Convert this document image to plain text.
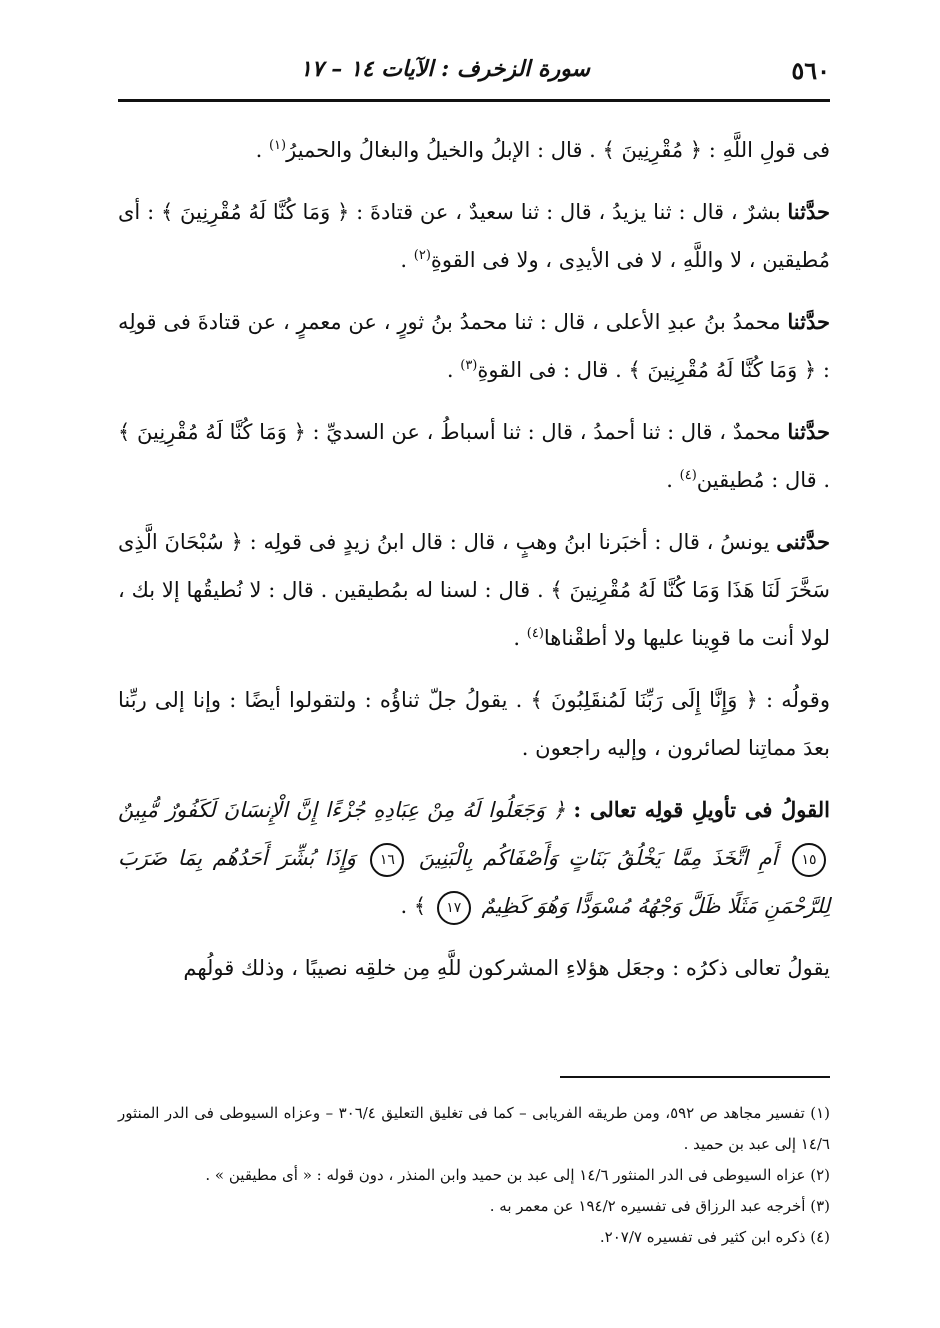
٥٦٠
سورة الزخرف : الآيات ١٤ – ١٧

فى قولِ اللَّهِ : ﴿ مُقْرِنِينَ ﴾ . قال : الإبلُ والخيلُ والبغالُ والحميرُ$^{(١)}$ .

حدَّثنا بشرٌ ، قال : ثنا يزيدُ ، قال : ثنا سعيدٌ ، عن قتادةَ : ﴿ وَمَا كُنَّا لَهُ مُقْرِنِينَ ﴾ : أى مُطيقين ، لا واللَّهِ ، لا فى الأيدِى ، ولا فى القوةِ$^{(٢)}$ .

حدَّثنا محمدُ بنُ عبدِ الأعلى ، قال : ثنا محمدُ بنُ ثورٍ ، عن معمرٍ ، عن قتادةَ فى قولِه : ﴿ وَمَا كُنَّا لَهُ مُقْرِنِينَ ﴾ . قال : فى القوةِ$^{(٣)}$ .

حدَّثنا محمدٌ ، قال : ثنا أحمدُ ، قال : ثنا أسباطُ ، عن السديِّ : ﴿ وَمَا كُنَّا لَهُ مُقْرِنِينَ ﴾ . قال : مُطيقين$^{(٤)}$ .

حدَّثنى يونسُ ، قال : أخبَرنا ابنُ وهبٍ ، قال : قال ابنُ زيدٍ فى قولِه : ﴿ سُبْحَانَ الَّذِى سَخَّرَ لَنَا هَذَا وَمَا كُنَّا لَهُ مُقْرِنِينَ ﴾ . قال : لسنا له بمُطيقين . قال : لا نُطيقُها إلا بك ، لولا أنت ما قوِينا عليها ولا أطقْناها$^{(٤)}$ .

وقولُه : ﴿ وَإِنَّا إِلَى رَبِّنَا لَمُنقَلِبُونَ ﴾ . يقولُ جلّ ثناؤُه : ولتقولوا أيضًا : وإنا إلى ربِّنا بعدَ مماتِنا لصائرون ، وإليه راجعون .

القولُ فى تأويلِ قولِه تعالى : ﴿ وَجَعَلُوا لَهُ مِنْ عِبَادِهِ جُزْءًا إِنَّ الْإِنسَانَ لَكَفُورٌ مُّبِينٌ ١٥ أَمِ اتَّخَذَ مِمَّا يَخْلُقُ بَنَاتٍ وَأَصْفَاكُم بِالْبَنِينَ ١٦ وَإِذَا بُشِّرَ أَحَدُهُم بِمَا ضَرَبَ لِلرَّحْمَنِ مَثَلًا ظَلَّ وَجْهُهُ مُسْوَدًّا وَهُوَ كَظِيمٌ ١٧ ﴾ .

يقولُ تعالى ذكرُه : وجعَل هؤلاءِ المشركون للَّهِ مِن خلقِه نصيبًا ، وذلك قولُهم

(١) تفسير مجاهد ص ٥٩٢، ومن طريقه الفريابى – كما فى تغليق التعليق ٣٠٦/٤ – وعزاه السيوطى فى الدر المنثور ١٤/٦ إلى عبد بن حميد .

(٢) عزاه السيوطى فى الدر المنثور ١٤/٦ إلى عبد بن حميد وابن المنذر ، دون قوله : « أى مطيقين » .

(٣) أخرجه عبد الرزاق فى تفسيره ١٩٤/٢ عن معمر به .

(٤) ذكره ابن كثير فى تفسيره ٢٠٧/٧.
